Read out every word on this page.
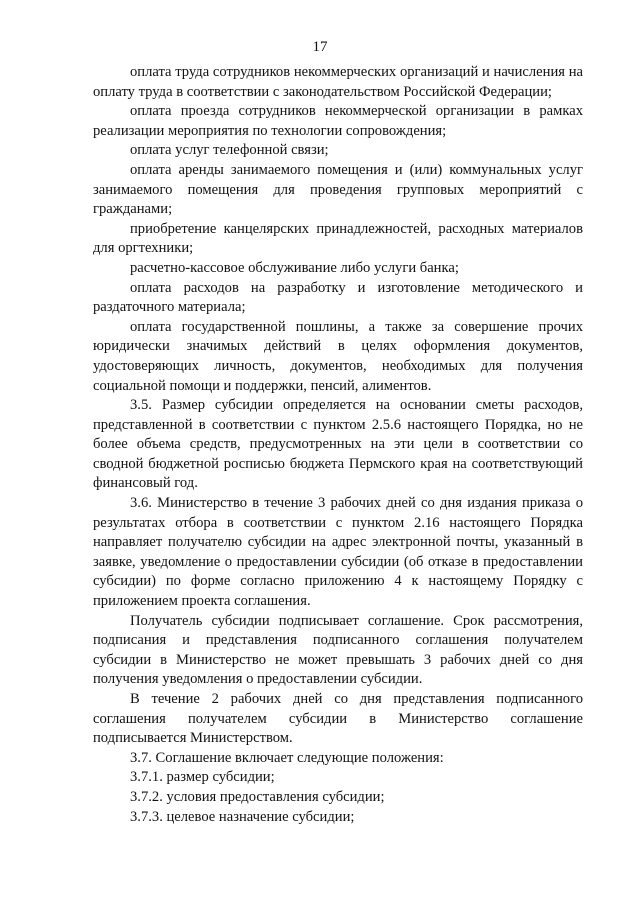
17

оплата труда сотрудников некоммерческих организаций и начисления на оплату труда в соответствии с законодательством Российской Федерации;

оплата проезда сотрудников некоммерческой организации в рамках реализации мероприятия по технологии сопровождения;

оплата услуг телефонной связи;

оплата аренды занимаемого помещения и (или) коммунальных услуг занимаемого помещения для проведения групповых мероприятий с гражданами;

приобретение канцелярских принадлежностей, расходных материалов для оргтехники;

расчетно-кассовое обслуживание либо услуги банка;

оплата расходов на разработку и изготовление методического и раздаточного материала;

оплата государственной пошлины, а также за совершение прочих юридически значимых действий в целях оформления документов, удостоверяющих личность, документов, необходимых для получения социальной помощи и поддержки, пенсий, алиментов.

3.5. Размер субсидии определяется на основании сметы расходов, представленной в соответствии с пунктом 2.5.6 настоящего Порядка, но не более объема средств, предусмотренных на эти цели в соответствии со сводной бюджетной росписью бюджета Пермского края на соответствующий финансовый год.

3.6. Министерство в течение 3 рабочих дней со дня издания приказа о результатах отбора в соответствии с пунктом 2.16 настоящего Порядка направляет получателю субсидии на адрес электронной почты, указанный в заявке, уведомление о предоставлении субсидии (об отказе в предоставлении субсидии) по форме согласно приложению 4 к настоящему Порядку с приложением проекта соглашения.

Получатель субсидии подписывает соглашение. Срок рассмотрения, подписания и представления подписанного соглашения получателем субсидии в Министерство не может превышать 3 рабочих дней со дня получения уведомления о предоставлении субсидии.

В течение 2 рабочих дней со дня представления подписанного соглашения получателем субсидии в Министерство соглашение подписывается Министерством.

3.7. Соглашение включает следующие положения:

3.7.1. размер субсидии;

3.7.2. условия предоставления субсидии;

3.7.3. целевое назначение субсидии;
